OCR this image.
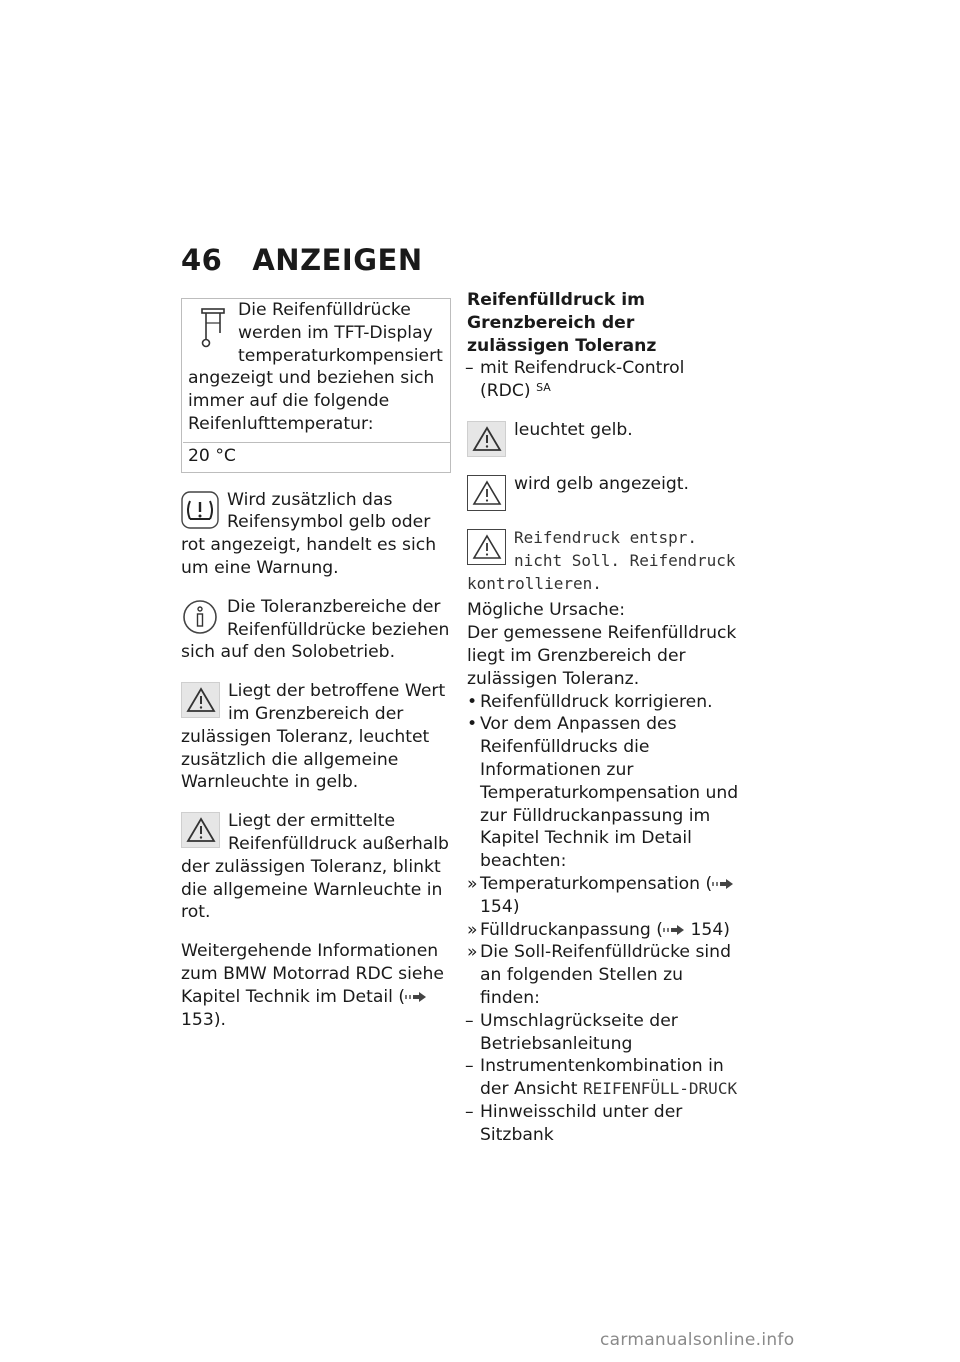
46 ANZEIGEN
Die Reifenfülldrücke werden im TFT-Display temperaturkompensiert angezeigt und beziehen sich immer auf die folgende Reifenlufttemperatur:
20 °C
Wird zusätzlich das Reifensymbol gelb oder rot angezeigt, handelt es sich um eine Warnung.
Die Toleranzbereiche der Reifenfülldrücke beziehen sich auf den Solobetrieb.
Liegt der betroffene Wert im Grenzbereich der zulässigen Toleranz, leuchtet zusätzlich die allgemeine Warnleuchte in gelb.
Liegt der ermittelte Reifenfülldruck außerhalb der zulässigen Toleranz, blinkt die allgemeine Warnleuchte in rot.

Weitergehende Informationen zum BMW Motorrad RDC siehe Kapitel Technik im Detail ( 153).

Reifenfülldruck im Grenzbereich der zulässigen Toleranz

– mit Reifendruck-Control (RDC) $^{SA}$

leuchtet gelb.
wird gelb angezeigt.
Reifendruck entspr. nicht Soll. Reifendruck kontrollieren.

Mögliche Ursache:

Der gemessene Reifenfülldruck liegt im Grenzbereich der zulässigen Toleranz.

• Reifenfülldruck korrigieren.

• Vor dem Anpassen des Reifenfülldrucks die Informationen zur Temperaturkompensation und zur Fülldruckanpassung im Kapitel Technik im Detail beachten:

» Temperaturkompensation ( 154)

» Fülldruckanpassung ( 154)

» Die Soll-Reifenfülldrücke sind an folgenden Stellen zu finden:

– Umschlagrückseite der Betriebsanleitung

– Instrumentenkombination in der Ansicht REIFENFÜLL-DRUCK

– Hinweisschild unter der Sitzbank

carmanualsonline.info
